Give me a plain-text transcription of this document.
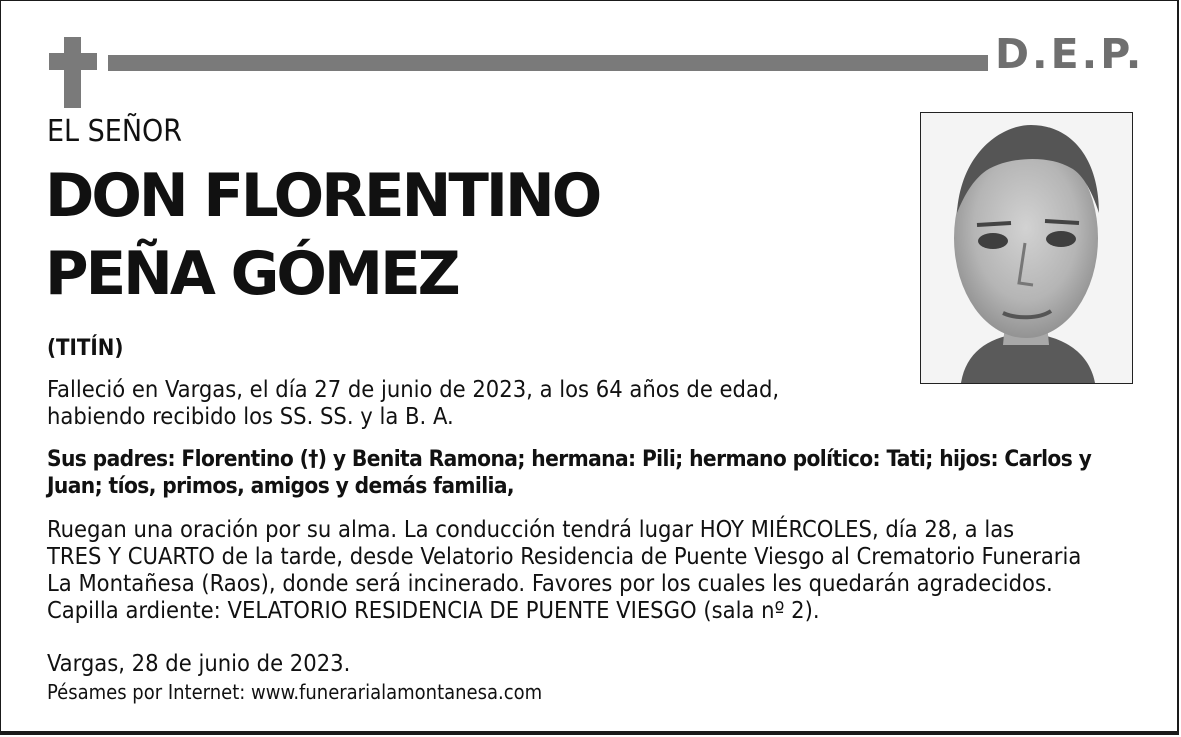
D.E.P.
EL SEÑOR
DON FLORENTINO
PEÑA GÓMEZ
(TITÍN)
Falleció en Vargas, el día 27 de junio de 2023, a los 64 años de edad,
habiendo recibido los SS. SS. y la B. A.
Sus padres: Florentino (†) y Benita Ramona; hermana: Pili; hermano político: Tati; hijos: Carlos y
Juan; tíos, primos, amigos y demás familia,
Ruegan una oración por su alma. La conducción tendrá lugar HOY MIÉRCOLES, día 28, a las
TRES Y CUARTO de la tarde, desde Velatorio Residencia de Puente Viesgo al Crematorio Funeraria
La Montañesa (Raos), donde será incinerado. Favores por los cuales les quedarán agradecidos.
Capilla ardiente: VELATORIO RESIDENCIA DE PUENTE VIESGO (sala nº 2).
Vargas, 28 de junio de 2023.
Pésames por Internet: www.funerarialamontanesa.com
